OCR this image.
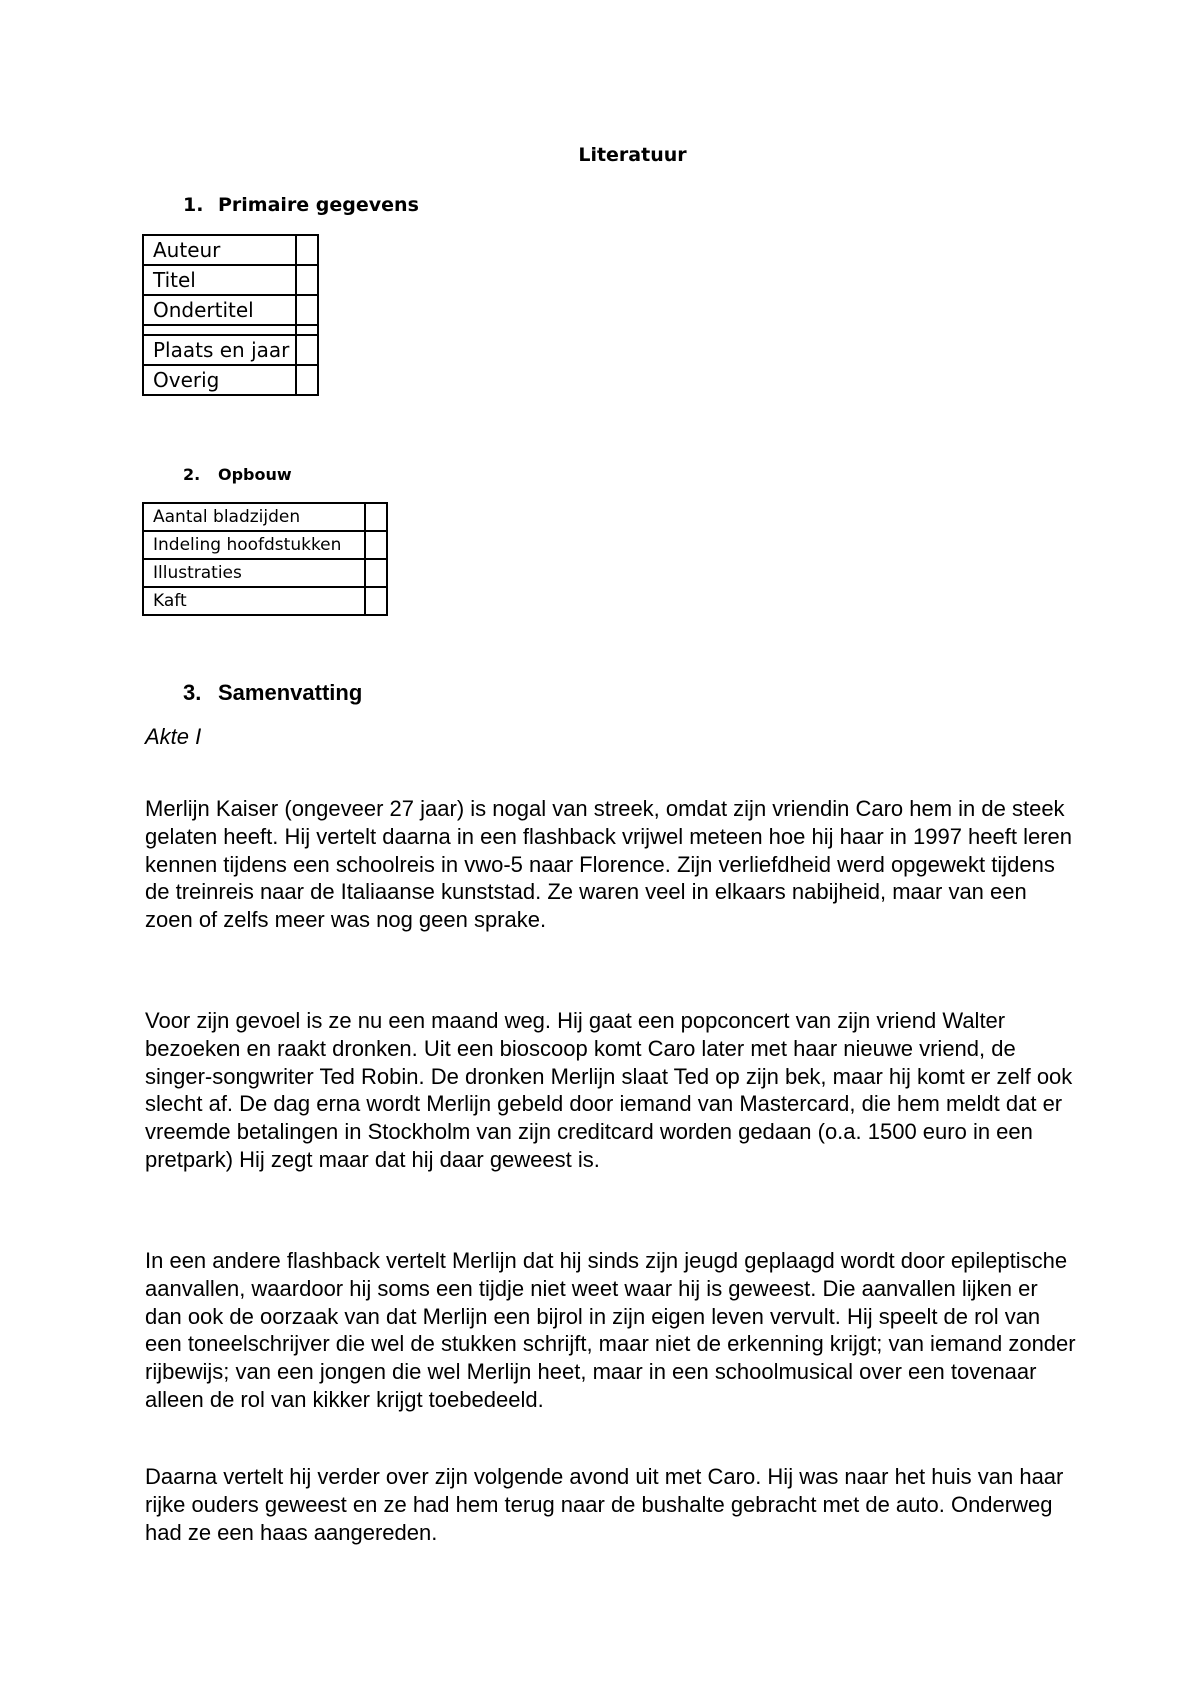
Literatuur
1. Primaire gegevens
Auteur	
Titel	
Ondertitel	

Plaats en jaar	
Overig	
2.	Opbouw
Aantal bladzijden	
Indeling hoofdstukken	
Illustraties	
Kaft	
3. Samenvatting
Akte I

Merlijn Kaiser (ongeveer 27 jaar) is nogal van streek, omdat zijn vriendin Caro hem in de steek gelaten heeft. Hij vertelt daarna in een flashback vrijwel meteen hoe hij haar in 1997 heeft leren kennen tijdens een schoolreis in vwo-5 naar Florence. Zijn verliefdheid werd opgewekt tijdens de treinreis naar de Italiaanse kunststad. Ze waren veel in elkaars nabijheid, maar van een zoen of zelfs meer was nog geen sprake.

Voor zijn gevoel is ze nu een maand weg. Hij gaat een popconcert van zijn vriend Walter bezoeken en raakt dronken. Uit een bioscoop komt Caro later met haar nieuwe vriend, de singer-songwriter Ted Robin. De dronken Merlijn slaat Ted op zijn bek, maar hij komt er zelf ook slecht af. De dag erna wordt Merlijn gebeld door iemand van Mastercard, die hem meldt dat er vreemde betalingen in Stockholm van zijn creditcard worden gedaan (o.a. 1500 euro in een pretpark) Hij zegt maar dat hij daar geweest is.

In een andere flashback vertelt Merlijn dat hij sinds zijn jeugd geplaagd wordt door epileptische aanvallen, waardoor hij soms een tijdje niet weet waar hij is geweest. Die aanvallen lijken er dan ook de oorzaak van dat Merlijn een bijrol in zijn eigen leven vervult. Hij speelt de rol van een toneelschrijver die wel de stukken schrijft, maar niet de erkenning krijgt; van iemand zonder rijbewijs; van een jongen die wel Merlijn heet, maar in een schoolmusical over een tovenaar alleen de rol van kikker krijgt toebedeeld.

Daarna vertelt hij verder over zijn volgende avond uit met Caro. Hij was naar het huis van haar rijke ouders geweest en ze had hem terug naar de bushalte gebracht met de auto. Onderweg had ze een haas aangereden.
